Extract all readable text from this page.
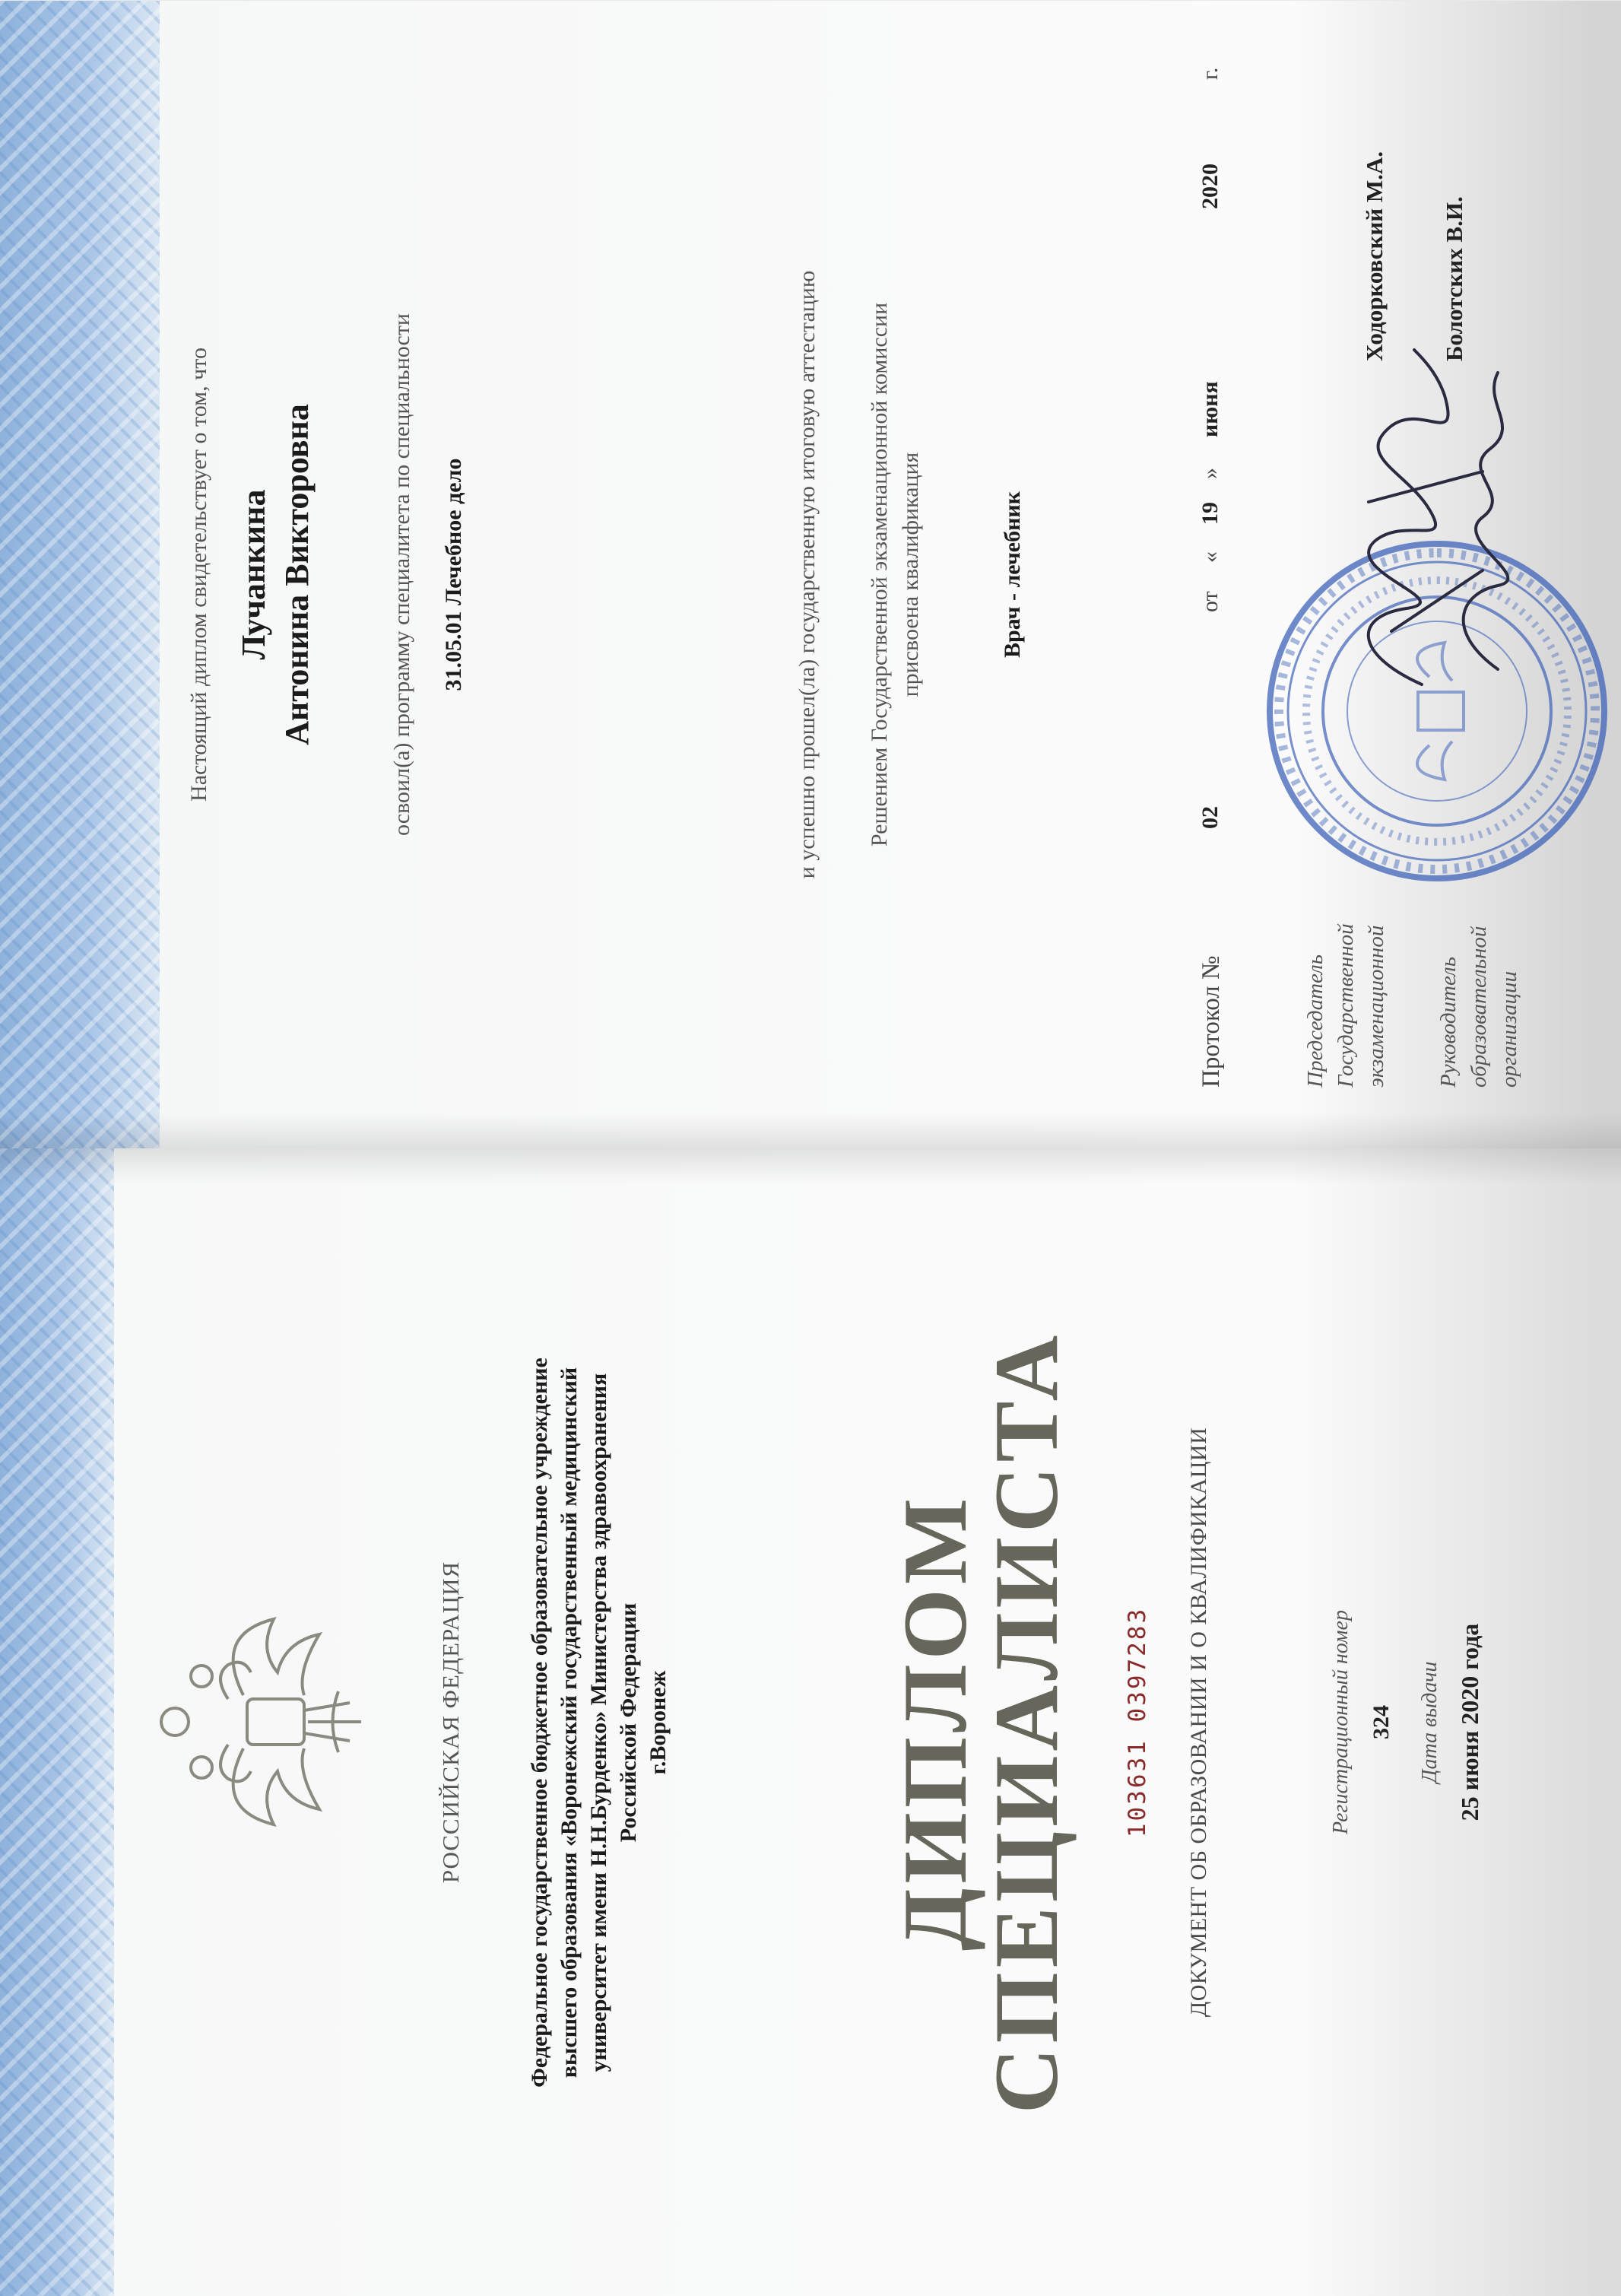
РОССИЙСКАЯ ФЕДЕРАЦИЯ	Федеральное государственное бюджетное образовательное учреждение высшего образования «Воронежский государственный медицинский университет имени Н.Н.Бурденко» Министерства здравоохранения Российской Федерации г.Воронеж ДИПЛОМ

СПЕЦИАЛИСТА 103631 0397283 ДОКУМЕНТ ОБ ОБРАЗОВАНИИ И О КВАЛИФИКАЦИИ	Регистрационный номер 324 Дата выдачи 25 июня 2020 года

Настоящий диплом свидетельствует о том, что Лучанкина Антонина Викторовна	освоил(а) программу специалитета по специальности 31.05.01 Лечебное дело	и успешно прошел(ла) государственную итоговую аттестацию Решением Государственной экзаменационной комиссии присвоена квалификация	Врач - лечебник

Протокол №

02

от

«

19

»

июня

2020

г.

Председатель Государственной экзаменационной

Ходорковский М.А.

Руководитель образовательной организации

Болотских В.И.
